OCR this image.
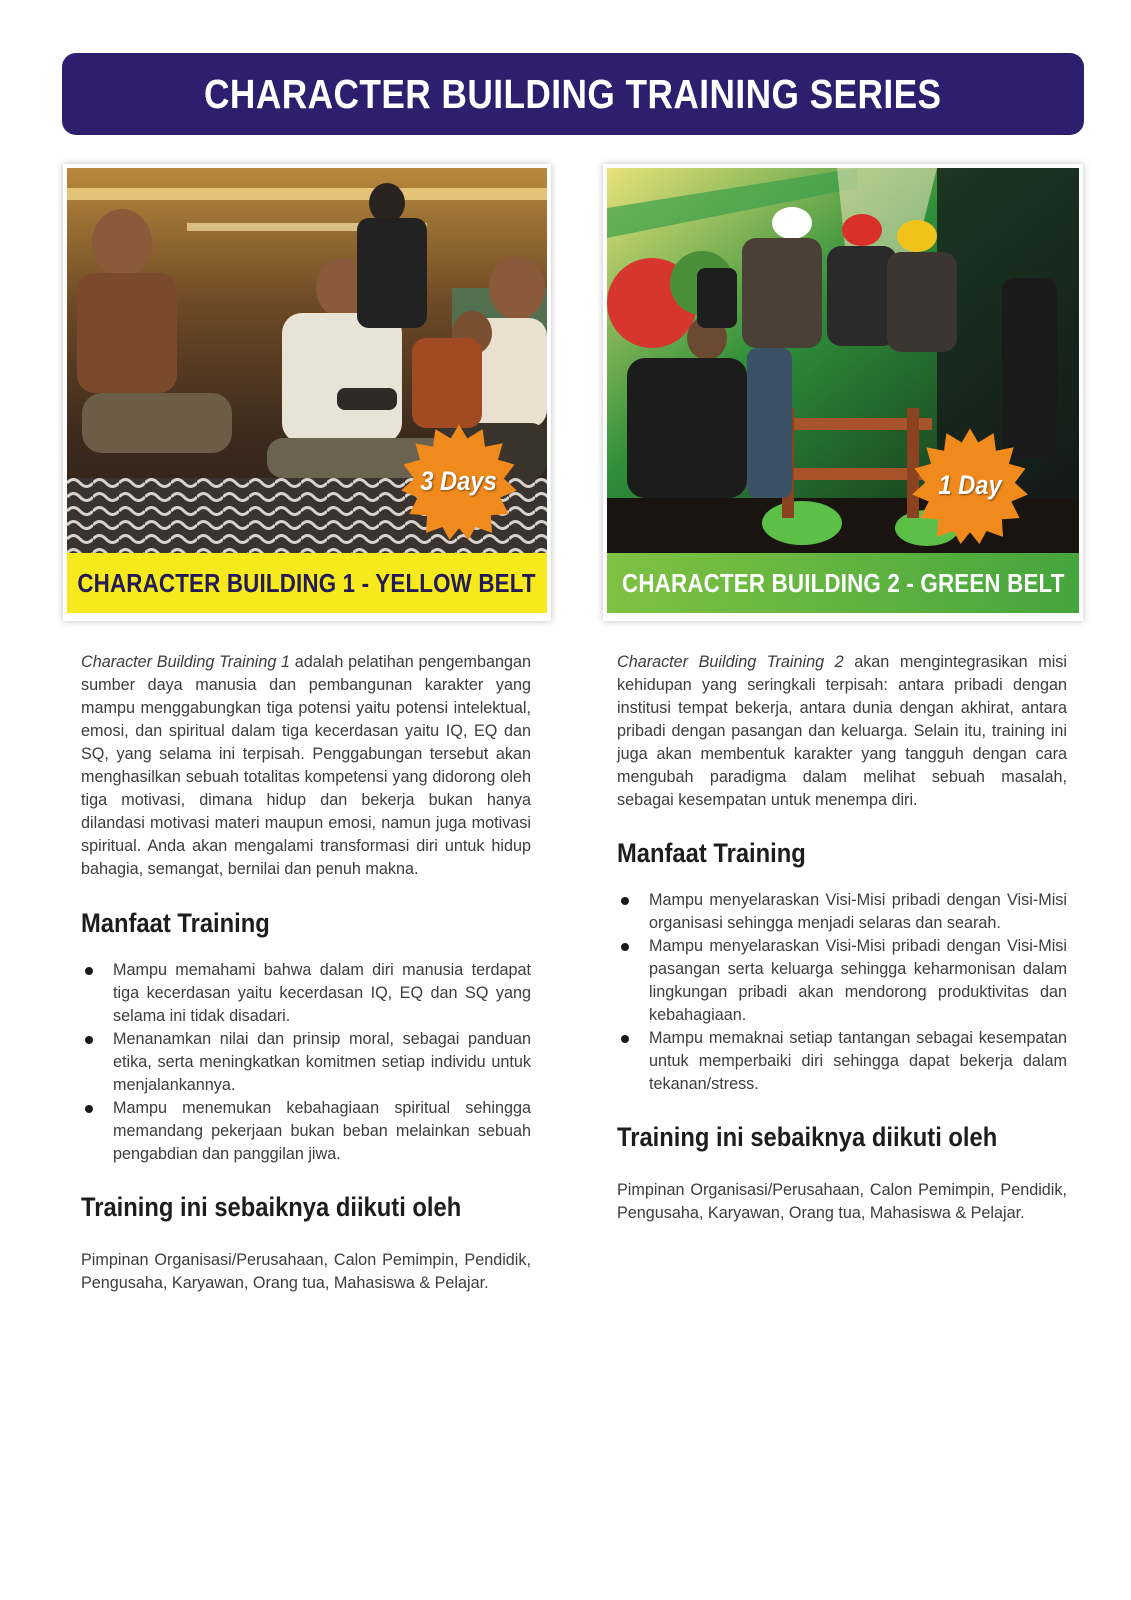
CHARACTER BUILDING TRAINING SERIES
3 Days
CHARACTER BUILDING 1 - YELLOW BELT
1 Day
CHARACTER BUILDING 2 - GREEN BELT

Character Building Training 1 adalah pelatihan pengembangan sumber daya manusia dan pembangunan karakter yang mampu menggabungkan tiga potensi yaitu potensi intelektual, emosi, dan spiritual dalam tiga kecerdasan yaitu IQ, EQ dan SQ, yang selama ini terpisah. Penggabungan tersebut akan menghasilkan sebuah totalitas kompetensi yang didorong oleh tiga motivasi, dimana hidup dan bekerja bukan hanya dilandasi motivasi materi maupun emosi, namun juga motivasi spiritual. Anda akan mengalami transformasi diri untuk hidup bahagia, semangat, bernilai dan penuh makna.

Manfaat Training
Mampu memahami bahwa dalam diri manusia terdapat tiga kecerdasan yaitu kecerdasan IQ, EQ dan SQ yang selama ini tidak disadari.
Menanamkan nilai dan prinsip moral, sebagai panduan etika, serta meningkatkan komitmen setiap individu untuk menjalankannya.
Mampu menemukan kebahagiaan spiritual sehingga memandang pekerjaan bukan beban melainkan sebuah pengabdian dan panggilan jiwa.
Training ini sebaiknya diikuti oleh

Pimpinan Organisasi/Perusahaan, Calon Pemimpin, Pendidik, Pengusaha, Karyawan, Orang tua, Mahasiswa & Pelajar.

Character Building Training 2 akan mengintegrasikan misi kehidupan yang seringkali terpisah: antara pribadi dengan institusi tempat bekerja, antara dunia dengan akhirat, antara pribadi dengan pasangan dan keluarga. Selain itu, training ini juga akan membentuk karakter yang tangguh dengan cara mengubah paradigma dalam melihat sebuah masalah, sebagai kesempatan untuk menempa diri.

Manfaat Training
Mampu menyelaraskan Visi-Misi pribadi dengan Visi-Misi organisasi sehingga menjadi selaras dan searah.
Mampu menyelaraskan Visi-Misi pribadi dengan Visi-Misi pasangan serta keluarga sehingga keharmonisan dalam lingkungan pribadi akan mendorong produktivitas dan kebahagiaan.
Mampu memaknai setiap tantangan sebagai kesempatan untuk memperbaiki diri sehingga dapat bekerja dalam tekanan/stress.
Training ini sebaiknya diikuti oleh

Pimpinan Organisasi/Perusahaan, Calon Pemimpin, Pendidik, Pengusaha, Karyawan, Orang tua, Mahasiswa & Pelajar.
